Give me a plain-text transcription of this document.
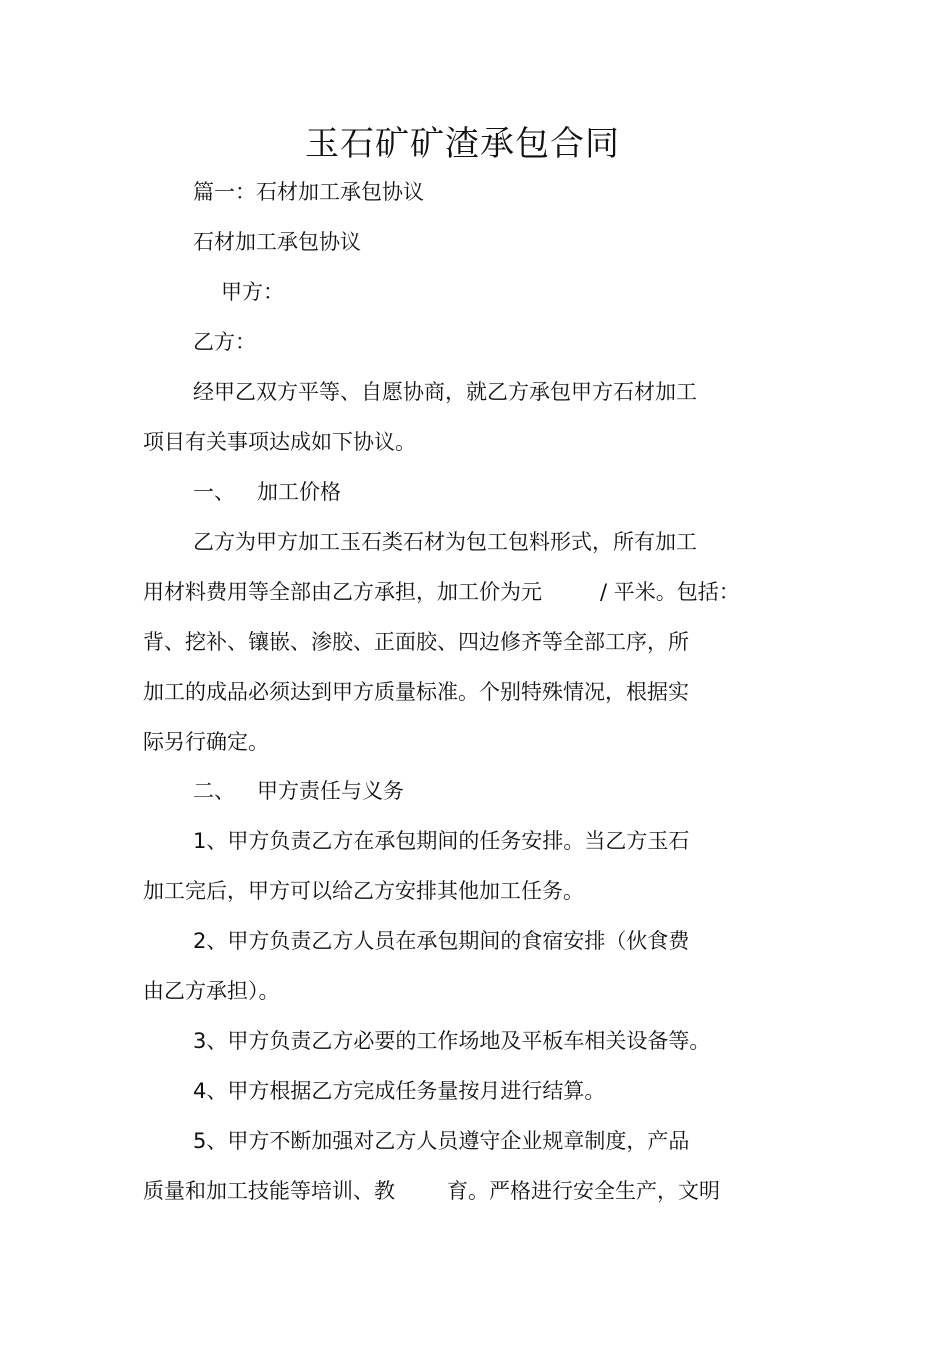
玉石矿矿渣承包合同
篇一：石材加工承包协议
石材加工承包协议
甲方：
乙方：
经甲乙双方平等、自愿协商，就乙方承包甲方石材加工
项目有关事项达成如下协议。
一、 加工价格
乙方为甲方加工玉石类石材为包工包料形式，所有加工
用材料费用等全部由乙方承担，加工价为元	/ 平米。包括：
背、挖补、镶嵌、渗胶、正面胶、四边修齐等全部工序，所
加工的成品必须达到甲方质量标准。个别特殊情况，根据实
际另行确定。
二、 甲方责任与义务
1、甲方负责乙方在承包期间的任务安排。当乙方玉石
加工完后，甲方可以给乙方安排其他加工任务。
2、甲方负责乙方人员在承包期间的食宿安排（伙食费
由乙方承担）。
3、甲方负责乙方必要的工作场地及平板车相关设备等。
4、甲方根据乙方完成任务量按月进行结算。
5、甲方不断加强对乙方人员遵守企业规章制度，产品
质量和加工技能等培训、教 育。严格进行安全生产，文明
